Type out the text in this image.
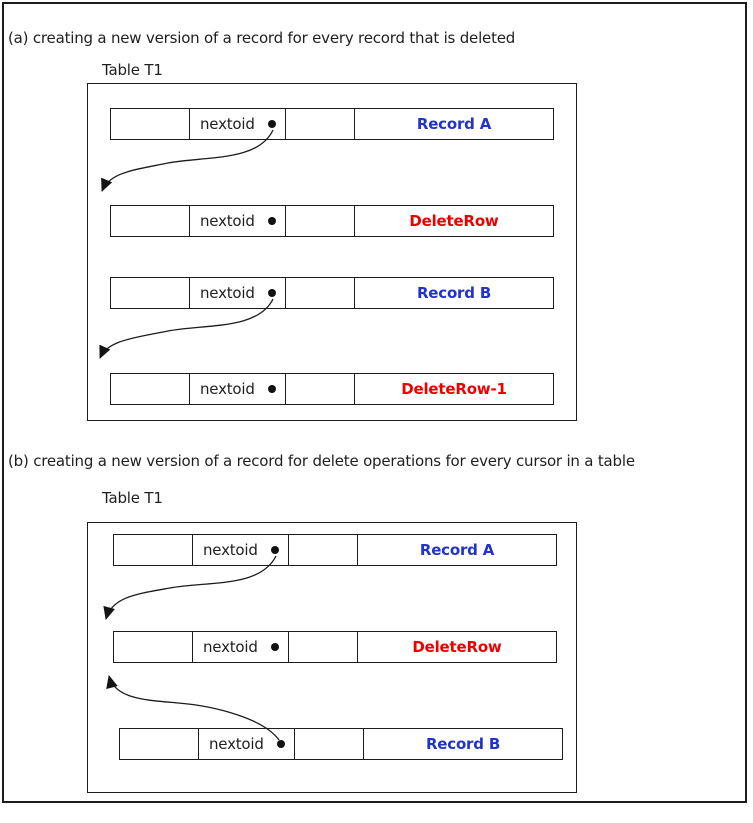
(a) creating a new version of a record for every record that is deleted
Table T1
nextoid	Record A
nextoid	DeleteRow
nextoid	Record B
nextoid	DeleteRow-1
(b) creating a new version of a record for delete operations for every cursor in a table
Table T1
nextoid	Record A
nextoid	DeleteRow
nextoid	Record B
